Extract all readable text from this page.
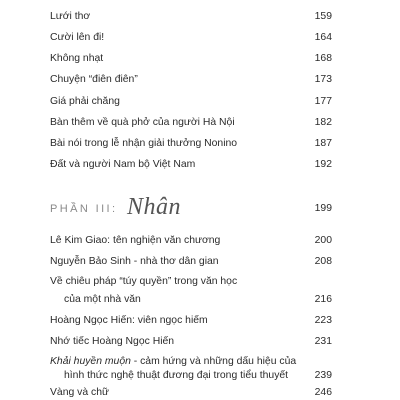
Lưới thơ	159
Cười lên đi!	164
Không nhạt	168
Chuyện “điên điên”	173
Giá phải chăng	177
Bàn thêm về quà phở của người Hà Nội	182
Bài nói trong lễ nhận giải thưởng Nonino	187
Đất và người Nam bộ Việt Nam	192
PHẦN III: Nhân	199
Lê Kim Giao: tên nghiện văn chương	200
Nguyễn Bảo Sinh - nhà thơ dân gian	208
Về chiêu pháp “túy quyền” trong văn học
của một nhà văn	216
Hoàng Ngọc Hiến: viên ngọc hiếm	223
Nhớ tiếc Hoàng Ngọc Hiến	231
Khải huyền muộn - cảm hứng và những dấu hiệu của
hình thức nghệ thuật đương đại trong tiểu thuyết	239
Vàng và chữ	246
